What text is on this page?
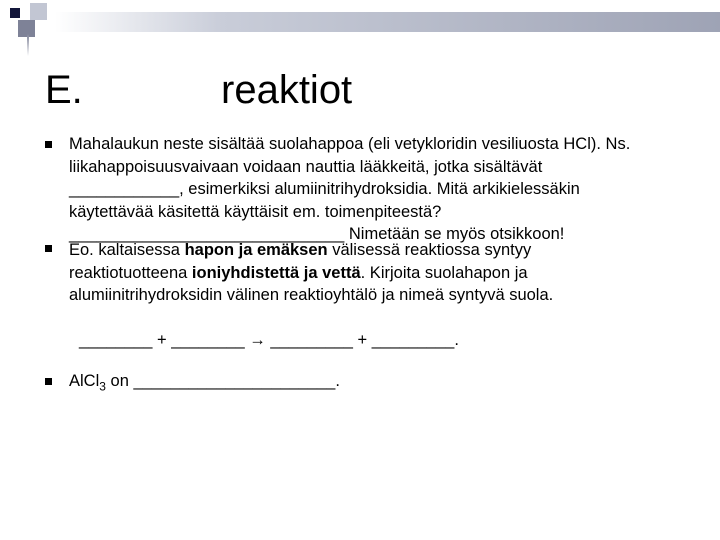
E.	reaktiot
Mahalaukun neste sisältää suolahappoa (eli vetykloridin vesiliuosta HCl). Ns.
liikahappoisuusvaivaan voidaan nauttia lääkkeitä, jotka sisältävät
____________, esimerkiksi alumiinitrihydroksidia. Mitä arkikielessäkin
käytettävää käsitettä käyttäisit em. toimenpiteestä?
______________________________ Nimetään se myös otsikkoon!
Eo. kaltaisessa hapon ja emäksen välisessä reaktiossa syntyy
reaktiotuotteena ioniyhdistettä ja vettä. Kirjoita suolahapon ja
alumiinitrihydroksidin välinen reaktioyhtälö ja nimeä syntyvä suola.
________ + ________ → _________ + _________.
AlCl$_3$ on ______________________.
